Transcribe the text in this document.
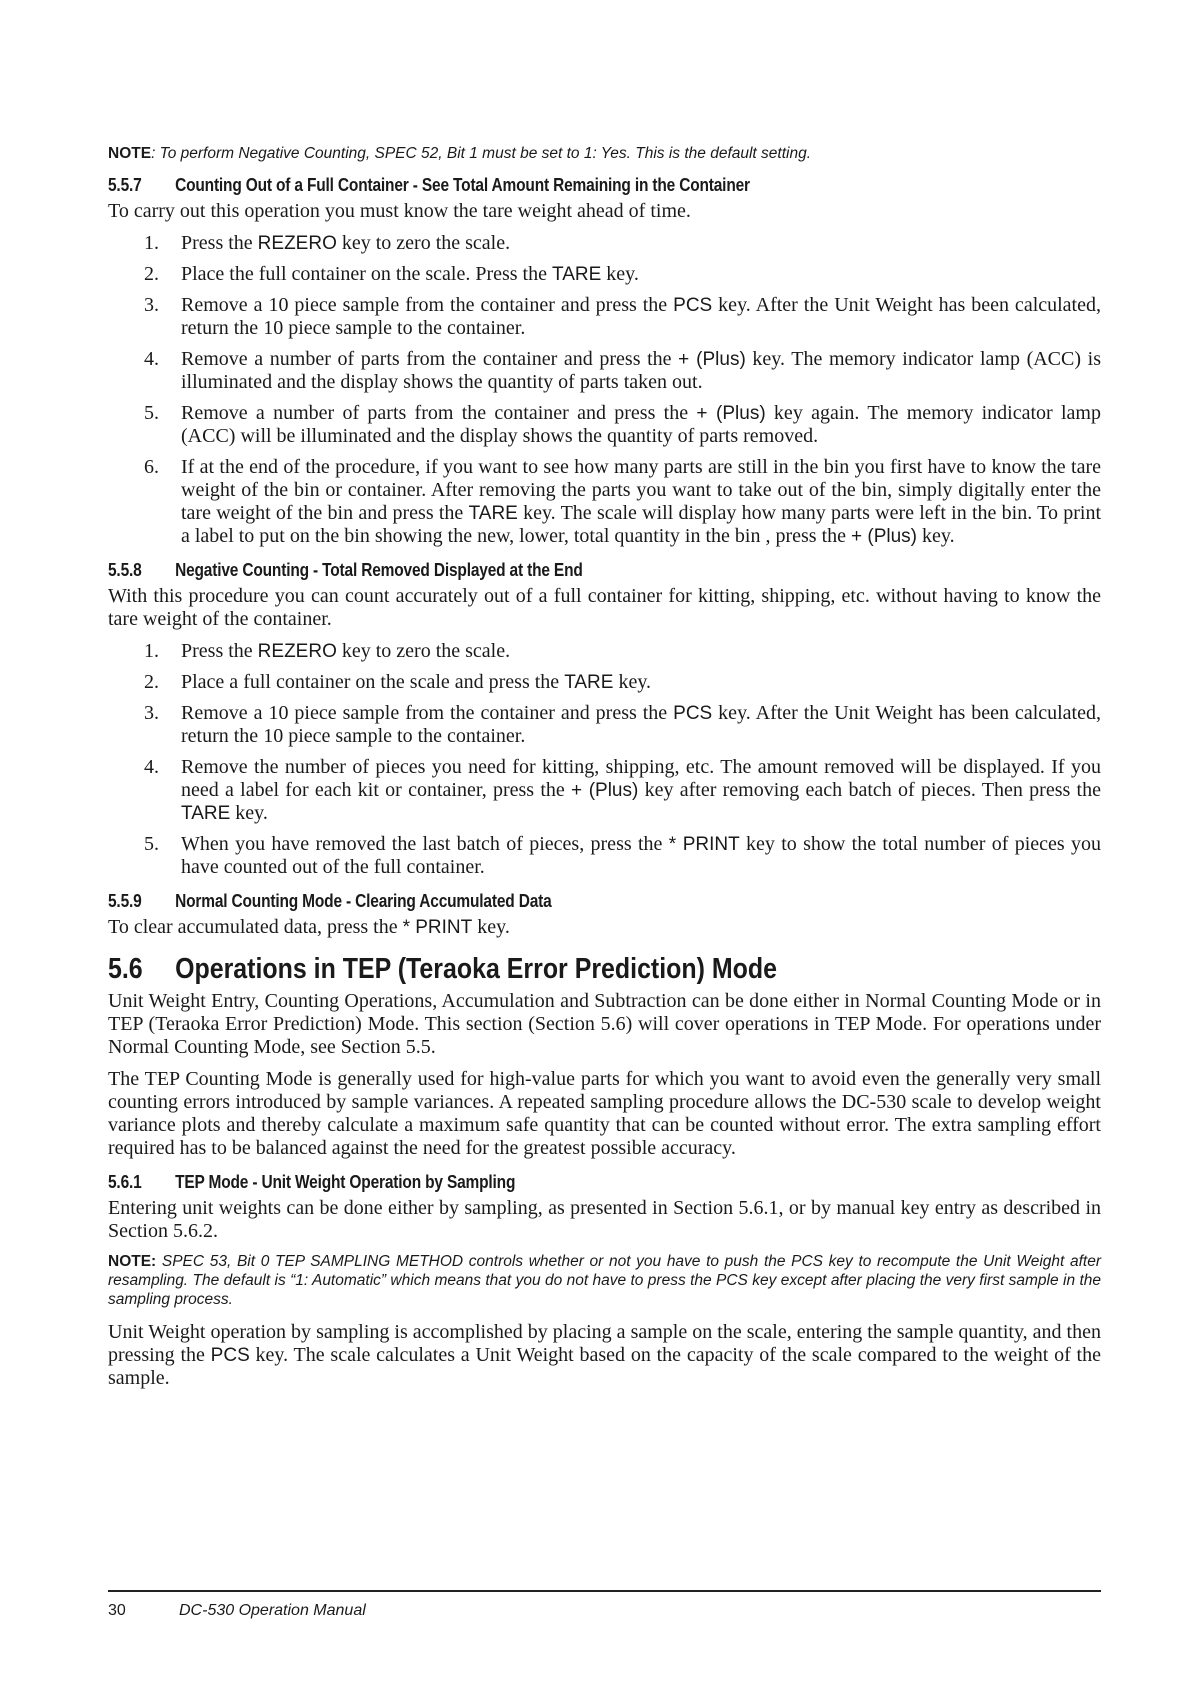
NOTE: To perform Negative Counting, SPEC 52, Bit 1 must be set to 1: Yes. This is the default setting.
5.5.7 Counting Out of a Full Container - See Total Amount Remaining in the Container

To carry out this operation you must know the tare weight ahead of time.

1.	Press the REZERO key to zero the scale.
2.	Place the full container on the scale. Press the TARE key.
3.	Remove a 10 piece sample from the container and press the PCS key. After the Unit Weight has been calculated, return the 10 piece sample to the container.
4.	Remove a number of parts from the container and press the + (Plus) key. The memory indicator lamp (ACC) is illuminated and the display shows the quantity of parts taken out.
5.	Remove a number of parts from the container and press the + (Plus) key again. The memory indicator lamp (ACC) will be illuminated and the display shows the quantity of parts removed.
6.	If at the end of the procedure, if you want to see how many parts are still in the bin you first have to know the tare weight of the bin or container. After removing the parts you want to take out of the bin, simply digitally enter the tare weight of the bin and press the TARE key. The scale will display how many parts were left in the bin. To print a label to put on the bin showing the new, lower, total quantity in the bin , press the + (Plus) key.
5.5.8 Negative Counting - Total Removed Displayed at the End

With this procedure you can count accurately out of a full container for kitting, shipping, etc. without having to know the tare weight of the container.

1.	Press the REZERO key to zero the scale.
2.	Place a full container on the scale and press the TARE key.
3.	Remove a 10 piece sample from the container and press the PCS key. After the Unit Weight has been calculated, return the 10 piece sample to the container.
4.	Remove the number of pieces you need for kitting, shipping, etc. The amount removed will be displayed. If you need a label for each kit or container, press the + (Plus) key after removing each batch of pieces. Then press the TARE key.
5.	When you have removed the last batch of pieces, press the * PRINT key to show the total number of pieces you have counted out of the full container.
5.5.9 Normal Counting Mode - Clearing Accumulated Data

To clear accumulated data, press the * PRINT key.

5.6 Operations in TEP (Teraoka Error Prediction) Mode

Unit Weight Entry, Counting Operations, Accumulation and Subtraction can be done either in Normal Counting Mode or in TEP (Teraoka Error Prediction) Mode. This section (Section 5.6) will cover operations in TEP Mode. For operations under Normal Counting Mode, see Section 5.5.

The TEP Counting Mode is generally used for high-value parts for which you want to avoid even the generally very small counting errors introduced by sample variances. A repeated sampling procedure allows the DC-530 scale to develop weight variance plots and thereby calculate a maximum safe quantity that can be counted without error. The extra sampling effort required has to be balanced against the need for the greatest possible accuracy.

5.6.1 TEP Mode - Unit Weight Operation by Sampling

Entering unit weights can be done either by sampling, as presented in Section 5.6.1, or by manual key entry as described in Section 5.6.2.

NOTE: SPEC 53, Bit 0 TEP SAMPLING METHOD controls whether or not you have to push the PCS key to recompute the Unit Weight after resampling. The default is “1: Automatic” which means that you do not have to press the PCS key except after placing the very first sample in the sampling process.

Unit Weight operation by sampling is accomplished by placing a sample on the scale, entering the sample quantity, and then pressing the PCS key. The scale calculates a Unit Weight based on the capacity of the scale compared to the weight of the sample.

30	DC-530 Operation Manual
